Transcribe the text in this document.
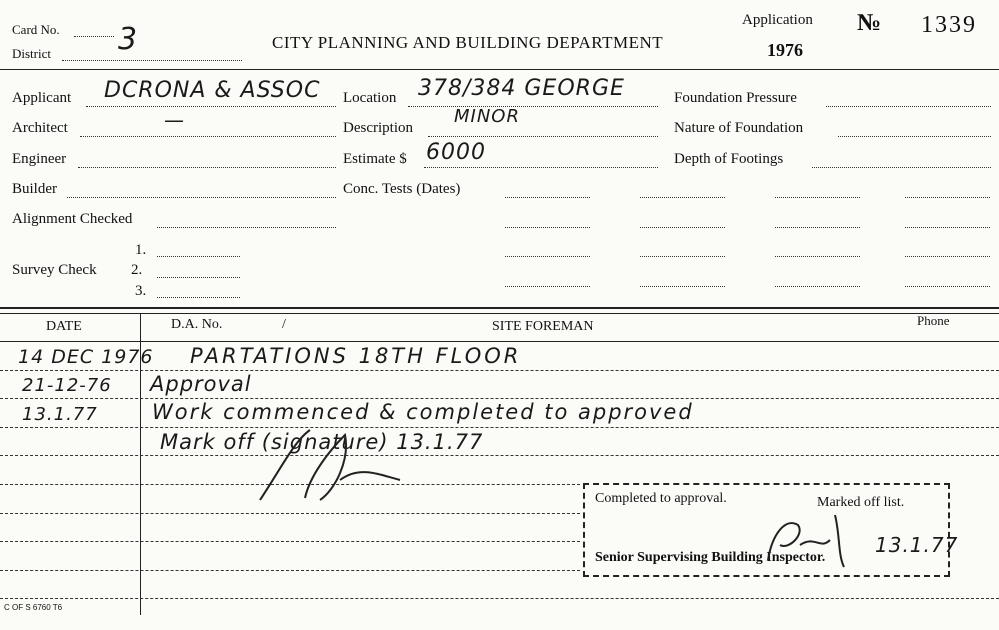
Card No.
District 3	CITY PLANNING AND BUILDING DEPARTMENT
Application
1976
№ 1339
Applicant DCRONA & ASSOC
Architect	—
Engineer
Builder
Alignment Checked
Survey Check
1.
2.
3.
Location 378/384 GEORGE
Description
MINOR
Estimate $ 6000
Conc. Tests (Dates)
Foundation Pressure
Nature of Foundation
Depth of Footings
DATE	D.A. No.	/	SITE FOREMAN	Phone
14 DEC 1976 PARTATIONS 18TH FLOOR
21-12-76 Approval
13.1.77	Work commenced & completed to approved
Mark off (signature) 13.1.77
Completed to approval.	Marked off list.
Senior Supervising Building Inspector.
13.1.77
C OF S 6760 T6
